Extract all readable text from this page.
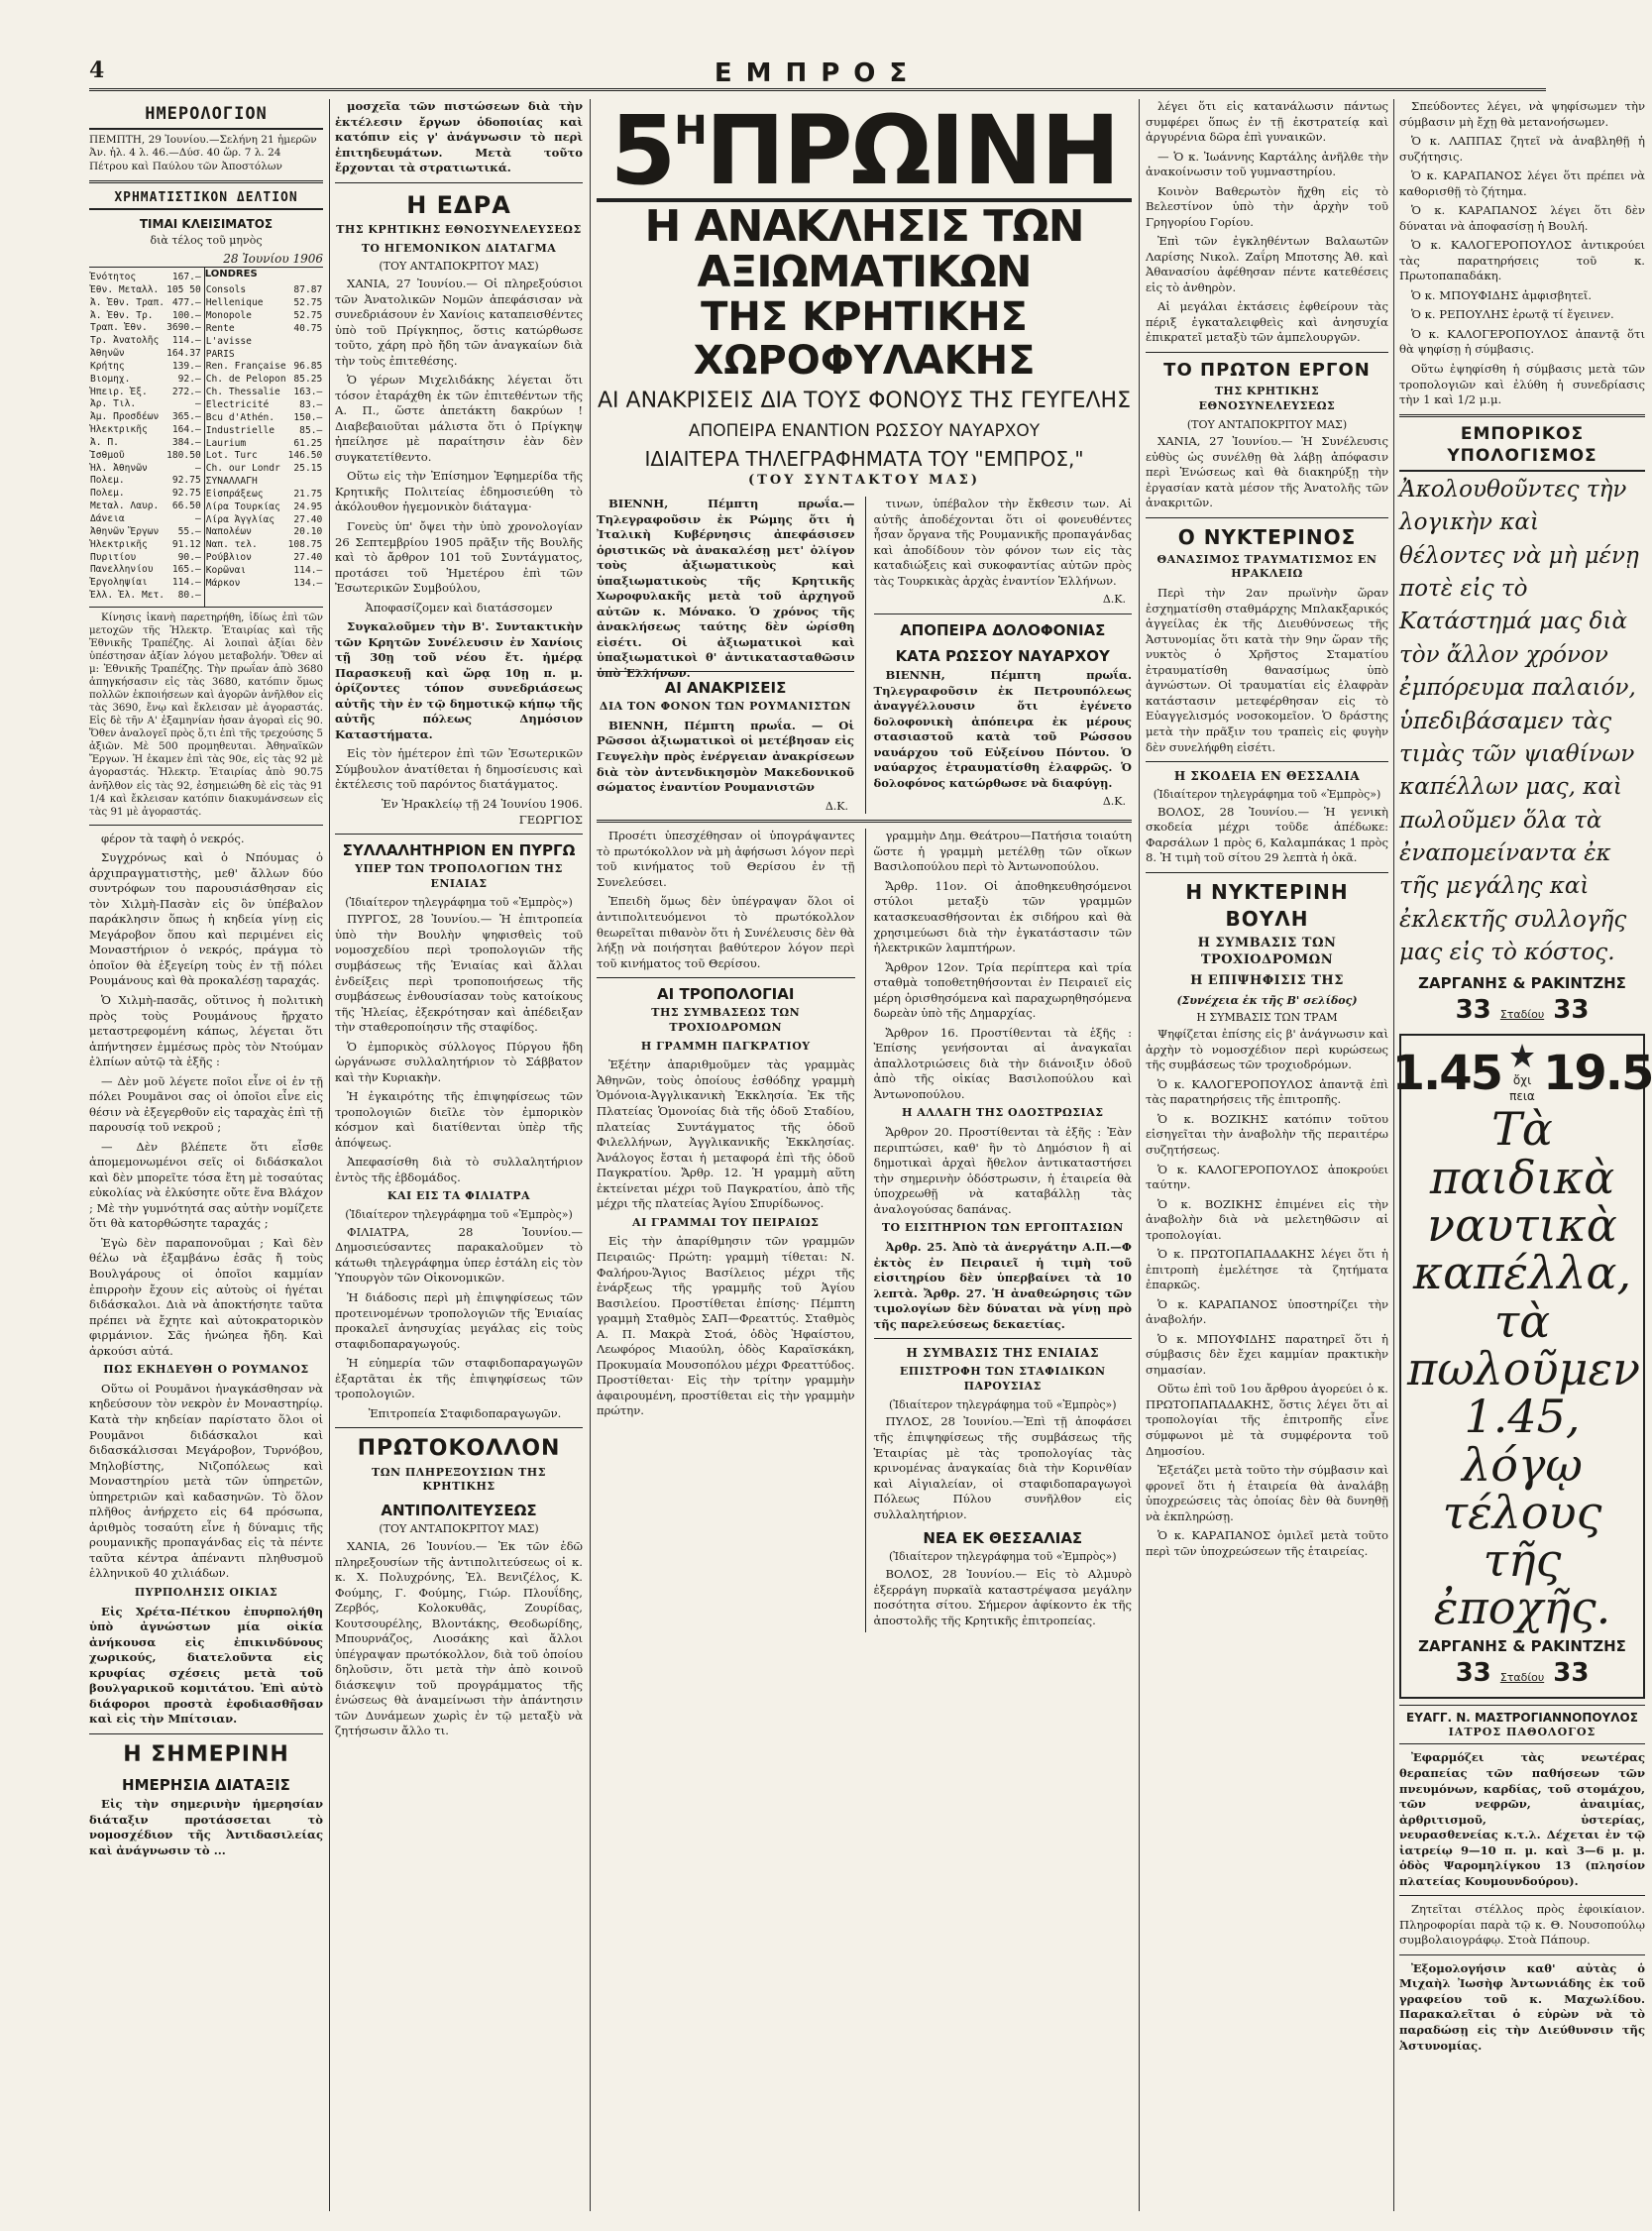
4	ΕΜΠΡΟΣ
ΗΜΕΡΟΛΟΓΙΟΝ
ΠΕΜΠΤΗ, 29 Ἰουνίου.—Σελήνη 21 ἡμερῶν
Ἀν. ἡλ. 4 λ. 46.—Δύσ. 40 ὥρ. 7 λ. 24
Πέτρου καὶ Παύλου τῶν Ἀποστόλων
ΧΡΗΜΑΤΙΣΤΙΚΟΝ ΔΕΛΤΙΟΝ
ΤΙΜΑΙ ΚΛΕΙΣΙΜΑΤΟΣ
διὰ τέλος τοῦ μηνὸς
28 Ἰουνίου 1906
Ἐνότητος	167.—
Ἐθν. Μεταλλ.	105 50
Ἀ. Ἐθν. Τραπ.	477.—
Ἀ. Ἐθν. Τρ.	100.—
Τραπ. Ἐθν.	3690.—
Τρ. Ἀνατολῆς	114.—
Ἀθηνῶν	164.37
Κρήτης	139.—
Βιομηχ.	92.—
Ἠπειρ. Ἐξ.	272.—
Ἀρ. Τιλ.	—
Ἀμ. Προσδέων	365.—
Ἠλεκτρικῆς	164.—
Ἀ. Π.	384.—
Ἰσθμοῦ	180.50
Ἠλ. Ἀθηνῶν	—
Πολεμ.	92.75
Πολεμ.	92.75
Μεταλ. Λαυρ.	66.50
Δάνεια	—
Ἀθηνῶν Ἔργων	55.—
Ἠλεκτρικῆς	91.12
Πυριτίου	90.—
Πανελληνίου	165.—
Ἐργοληψίαι	114.—
Ἑλλ. Ἐλ. Μετ.	80.—
LONDRES
Consols	87.87
Hellenique	52.75
Monopole	52.75
Rente	40.75
L'avisse	
PARIS	
Ren. Française	96.85
Ch. de Pelopon	85.25
Ch. Thessalie	163.—
Electricité	83.—
Bcu d'Athén.	150.—
Industrielle	85.—
Laurium	61.25
Lot. Turc	146.50
Ch. our Londr	25.15
ΣΥΝΑΛΛΑΓΗ	
Εἰσπράξεως	21.75
Λίρα Τουρκίας	24.95
Λίρα Ἀγγλίας	27.40
Ναπολέων	20.10
Ναπ. τελ.	108.75
Ρούβλιον	27.40
Κορῶναι	114.—
Μάρκον	134.—

Κίνησις ἱκανὴ παρετηρήθη, ἰδίως ἐπὶ τῶν μετοχῶν τῆς Ἠλεκτρ. Ἑταιρίας καὶ τῆς Ἐθνικῆς Τραπέζης. Αἱ λοιπαὶ ἀξίαι δὲν ὑπέστησαν ἀξίαν λόγου μεταβολήν. Ὅθεν αἱ μ: Ἐθνικῆς Τραπέζης. Τὴν πρωΐαν ἀπὸ 3680 ἀπηγκήσασιν εἰς τὰς 3680, κατόπιν ὅμως πολλῶν ἐκποιήσεων καὶ ἀγορῶν ἀνῆλθον εἰς τὰς 3690, ἔνῳ καὶ ἔκλεισαν μὲ ἀγοραστάς. Εἰς δὲ τῆν Α' ἐξαμηνίαν ἠσαν ἀγοραὶ εἰς 90. Ὅθεν ἀναλογεῖ πρὸς ὅ,τι ἐπὶ τῆς τρεχούσης 5 ἀξιῶν. Μὲ 500 προμηθευται. Ἀθηναϊκῶν Ἔργων. Ἠ ἐκαμεν ἐπὶ τὰς 90ε, εἰς τὰς 92 μὲ ἀγοραστάς. Ἠλεκτρ. Ἑταιρίας ἀπὸ 90.75 ἀνῆλθον εἰς τὰς 92, ἐσημειώθη δὲ εἰς τὰς 91 1/4 καὶ ἔκλεισαν κατόπιν διακυμάνσεων εἰς τὰς 91 μὲ ἀγοραστάς.

φέρον τὰ ταφὴ ὁ νεκρός.

Συγχρόνως καὶ ὁ Νπόυμας ὁ ἀρχιπραγματιστὴς, μεθ' ἄλλων δύο συντρόφων του παρουσιάσθησαν εἰς τὸν Χιλμὴ-Πασὰν εἰς ὃν ὑπέβαλον παράκλησιν ὅπως ἡ κηδεία γίνῃ εἰς Μεγάροβον ὅπου καὶ περιμένει εἰς Μοναστήριον ὁ νεκρός, πράγμα τὸ ὁποῖον θὰ ἐξεγείρη τοὺς ἐν τῇ πόλει Ρουμάνους καὶ θὰ προκαλέσῃ ταραχάς.

Ὁ Χιλμὴ-πασᾶς, οὕτινος ἡ πολιτικὴ πρὸς τοὺς Ρουμάνους ἤρχατο μεταστρεφομένη κάπως, λέγεται ὅτι ἀπήντησεν ἐμμέσως πρὸς τὸν Ντούμαν ἐλπίων αὐτῷ τὰ ἑξῆς :

— Δὲν μοῦ λέγετε ποῖοι εἶνε οἱ ἐν τῇ πόλει Ρουμᾶνοι σας οἱ ὁποῖοι εἶνε εἰς θέσιν νὰ ἐξεγερθοῦν εἰς ταραχὰς ἐπὶ τῇ παρουσίᾳ τοῦ νεκροῦ ;

— Δὲν βλέπετε ὅτι εἶσθε ἀπομεμονωμένοι σεῖς οἱ διδάσκαλοι καὶ δὲν μπορεῖτε τόσα ἔτη μὲ τοσαύτας εὐκολίας νὰ ἐλκύσητε οὔτε ἕνα Βλάχον ; Μὲ τὴν γυμνότητά σας αὐτὴν νομίζετε ὅτι θὰ κατορθώσητε ταραχάς ;

Ἐγὼ δὲν παραπονοῦμαι ; Καὶ δὲν θέλω νὰ ἐξαμβάνω ἐσᾶς ἤ τοὺς Βουλγάρους οἱ ὁποῖοι καμμίαν ἐπιρροὴν ἔχουν εἰς αὐτοὺς οἱ ἡγέται διδάσκαλοι. Διὰ νὰ ἀποκτήσητε ταῦτα πρέπει νὰ ἔχητε καὶ αὐτοκρατορικὸν φιρμάνιον. Σᾶς ἠνώηεα ἤδη. Καὶ ἀρκούσι αὐτά.

ΠΩΣ ΕΚΗΔΕΥΘΗ Ο ΡΟΥΜΑΝΟΣ

Οὕτω οἱ Ρουμᾶνοι ἠναγκάσθησαν νὰ κηδεύσουν τὸν νεκρὸν ἐν Μοναστηρίῳ. Κατὰ τὴν κηδείαν παρίστατο ὅλοι οἱ Ρουμᾶνοι διδάσκαλοι καὶ διδασκάλισσαι Μεγάροβον, Τυρνόβου, Μηλοβίστης, Νιζοπόλεως καὶ Μοναστηρίου μετὰ τῶν ὑπηρετῶν, ὑπηρετριῶν καὶ καδασηνῶν. Τὸ ὅλον πλῆθος ἀνήρχετο εἰς 64 πρόσωπα, ἀριθμὸς τοσαύτη εἶνε ἡ δύναμις τῆς ρουμανικῆς προπαγάνδας εἰς τὰ πέντε ταῦτα κέντρα ἀπέναντι πληθυσμοῦ ἑλληνικοῦ 40 χιλιάδων.

ΠΥΡΠΟΛΗΣΙΣ ΟΙΚΙΑΣ

Εἰς Χρέτα-Πέτκου ἐπυρπολήθη ὑπὸ ἀγνώστων μία οἰκία ἀνήκουσα εἰς ἐπικινδύνους χωρικούς, διατελοῦντα εἰς κρυφίας σχέσεις μετὰ τοῦ βουλγαρικοῦ κομιτάτου. Ἐπὶ αὐτὸ διάφοροι προστὰ ἐφοδιασθῆσαν καὶ εἰς τὴν Μπίτσιαν.

Η ΣΗΜΕΡΙΝΗ
ΗΜΕΡΗΣΙΑ ΔΙΑΤΑΞΙΣ

Εἰς τὴν σημερινὴν ἡμερησίαν διάταξιν προτάσσεται τὸ νομοσχέδιον τῆς Ἀντιδασιλείας καὶ ἀνάγνωσιν τὸ ...

μοσχεῖα τῶν πιστώσεων διὰ τὴν ἐκτέλεσιν ἔργων ὁδοποιίας καὶ κατόπιν εἰς γ' ἀνάγνωσιν τὸ περὶ ἐπιτηδευμάτων. Μετὰ τοῦτο ἔρχονται τὰ στρατιωτικά.

Η ΕΔΡΑ
ΤΗΣ ΚΡΗΤΙΚΗΣ ΕΘΝΟΣΥΝΕΛΕΥΣΕΩΣ
ΤΟ ΗΓΕΜΟΝΙΚΟΝ ΔΙΑΤΑΓΜΑ
(ΤΟΥ ΑΝΤΑΠΟΚΡΙΤΟΥ ΜΑΣ)

ΧΑΝΙΑ, 27 Ἰουνίου.— Οἱ πληρεξούσιοι τῶν Ἀνατολικῶν Νομῶν ἀπεφάσισαν νὰ συνεδριάσουν ἐν Χανίοις καταπεισθέντες ὑπὸ τοῦ Πρίγκηπος, ὅστις κατώρθωσε τοῦτο, χάρη πρὸ ἤδη τῶν ἀναγκαίων διὰ τὴν τοὺς ἐπιτεθέσης.

Ὁ γέρων Μιχελιδάκης λέγεται ὅτι τόσον ἐταράχθη ἐκ τῶν ἐπιτεθέντων τῆς Α. Π., ὥστε ἀπετάκτη δακρύων ! Διαβεβαιοῦται μάλιστα ὅτι ὁ Πρίγκηψ ἠπείλησε μὲ παραίτησιν ἐὰν δὲν συγκατετίθεντο.

Οὕτω εἰς τὴν Ἐπίσημον Ἐφημερίδα τῆς Κρητικῆς Πολιτείας ἐδημοσιεύθη τὸ ἀκόλουθον ἡγεμονικὸν διάταγμα·

Γονεὺς ὑπ' ὄψει τὴν ὑπὸ χρονολογίαν 26 Σεπτεμβρίου 1905 πρᾶξιν τῆς Βουλῆς καὶ τὸ ἄρθρον 101 τοῦ Συντάγματος, προτάσει τοῦ Ἡμετέρου ἐπὶ τῶν Ἐσωτερικῶν Συμβούλου,

Ἀποφασίζομεν καὶ διατάσσομεν

Συγκαλοῦμεν τὴν Β'. Συντακτικὴν τῶν Κρητῶν Συνέλευσιν ἐν Χανίοις τῇ 30ῃ τοῦ νέου ἔτ. ἡμέρᾳ Παρασκευῇ καὶ ὥρᾳ 10ῃ π. μ. ὁρίζοντες τόπον συνεδριάσεως αὐτῆς τὴν ἐν τῷ δημοτικῷ κήπῳ τῆς αὐτῆς πόλεως Δημόσιον Καταστήματα.

Εἰς τὸν ἡμέτερον ἐπὶ τῶν Ἐσωτερικῶν Σύμβουλον ἀνατίθεται ἡ δημοσίευσις καὶ ἐκτέλεσις τοῦ παρόντος διατάγματος.

Ἐν Ἡρακλείῳ τῇ 24 Ἰουνίου 1906. ΓΕΩΡΓΙΟΣ

ΣΥΛΛΑΛΗΤΗΡΙΟΝ ΕΝ ΠΥΡΓΩ
ΥΠΕΡ ΤΩΝ ΤΡΟΠΟΛΟΓΙΩΝ ΤΗΣ ΕΝΙΑΙΑΣ
(Ἰδιαίτερον τηλεγράφημα τοῦ «Ἐμπρὸς»)

ΠΥΡΓΟΣ, 28 Ἰουνίου.— Ἡ ἐπιτροπεία ὑπὸ τὴν Βουλὴν ψηφισθεὶς τοῦ νομοσχεδίου περὶ τροπολογιῶν τῆς συμβάσεως τῆς Ἑνιαίας καὶ ἄλλαι ἐνδείξεις περὶ τροποποιήσεως τῆς συμβάσεως ἐνθουσίασαν τοὺς κατοίκους τῆς Ἠλείας, ἐξεκρότησαν καὶ ἀπέδειξαν τὴν σταθεροποίησιν τῆς σταφίδος.

Ὁ ἐμπορικὸς σύλλογος Πύργου ἤδη ὡργάνωσε συλλαλητήριον τὸ Σάββατον καὶ τὴν Κυριακὴν.

Ἡ ἐγκαιρότης τῆς ἐπιψηφίσεως τῶν τροπολογιῶν διεῖλε τὸν ἐμπορικὸν κόσμον καὶ διατίθενται ὑπὲρ τῆς ἀπόψεως.

Ἀπεφασίσθη διὰ τὸ συλλαλητήριον ἐντὸς τῆς ἑβδομάδος.

ΚΑΙ ΕΙΣ ΤΑ ΦΙΛΙΑΤΡΑ
(Ἰδιαίτερον τηλεγράφημα τοῦ «Ἐμπρὸς»)

ΦΙΛΙΑΤΡΑ, 28 Ἰουνίου.— Δημοσιεύσαντες παρακαλοῦμεν τὸ κάτωθι τηλεγράφημα ὑπερ ἐστάλη εἰς τὸν Ὑπουργὸν τῶν Οἰκονομικῶν.

Ἡ διάδοσις περὶ μὴ ἐπιψηφίσεως τῶν προτεινομένων τροπολογιῶν τῆς Ἑνιαίας προκαλεῖ ἀνησυχίας μεγάλας εἰς τοὺς σταφιδοπαραγωγούς.

Ἡ εὐημερία τῶν σταφιδοπαραγωγῶν ἐξαρτᾶται ἐκ τῆς ἐπιψηφίσεως τῶν τροπολογιῶν.

Ἐπιτροπεία Σταφιδοπαραγωγῶν.

ΠΡΩΤΟΚΟΛΛΟΝ
ΤΩΝ ΠΛΗΡΕΞΟΥΣΙΩΝ ΤΗΣ ΚΡΗΤΙΚΗΣ
ΑΝΤΙΠΟΛΙΤΕΥΣΕΩΣ
(ΤΟΥ ΑΝΤΑΠΟΚΡΙΤΟΥ ΜΑΣ)

ΧΑΝΙΑ, 26 Ἰουνίου.— Ἐκ τῶν ἐδῶ πληρεξουσίων τῆς ἀντιπολιτεύσεως οἱ κ. κ. Χ. Πολυχρόνης, Ἐλ. Βενιζέλος, Κ. Φούμης, Γ. Φούμης, Γιώρ. Πλουΐδης, Ζερβός, Κολοκυθᾶς, Ζουρίδας, Κουτσουρέλης, Βλοντάκης, Θεοδωρίδης, Μπουρνάζος, Λιοσάκης καὶ ἄλλοι ὑπέγραψαν πρωτόκολλον, διὰ τοῦ ὁποίου δηλοῦσιν, ὅτι μετὰ τὴν ἀπὸ κοινοῦ διάσκεψιν τοῦ προγράμματος τῆς ἑνώσεως θὰ ἀναμείνωσι τὴν ἀπάντησιν τῶν Δυνάμεων χωρὶς ἐν τῷ μεταξὺ νὰ ζητήσωσιν ἄλλο τι.

$5^H\Pi P\Omega INH$
Η ΑΝΑΚΛΗΣΙΣ ΤΩΝ ΑΞΙΩΜΑΤΙΚΩΝ
ΤΗΣ ΚΡΗΤΙΚΗΣ ΧΩΡΟΦΥΛΑΚΗΣ
ΑΙ ΑΝΑΚΡΙΣΕΙΣ ΔΙΑ ΤΟΥΣ ΦΟΝΟΥΣ ΤΗΣ ΓΕΥΓΕΛΗΣ
ΑΠΟΠΕΙΡΑ ΕΝΑΝΤΙΟΝ ΡΩΣΣΟΥ ΝΑΥΑΡΧΟΥ
ΙΔΙΑΙΤΕΡΑ ΤΗΛΕΓΡΑΦΗΜΑΤΑ ΤΟΥ "ΕΜΠΡΟΣ,"
(ΤΟΥ ΣΥΝΤΑΚΤΟΥ ΜΑΣ)

ΒΙΕΝΝΗ, Πέμπτη πρωΐα.— Τηλεγραφοῦσιν ἐκ Ρώμης ὅτι ἡ Ἰταλικὴ Κυβέρνησις ἀπεφάσισεν ὁριστικῶς νὰ ἀνακαλέσῃ μετ' ὀλίγον τοὺς ἀξιωματικοὺς καὶ ὑπαξιωματικοὺς τῆς Κρητικῆς Χωροφυλακῆς μετὰ τοῦ ἀρχηγοῦ αὐτῶν κ. Μόνακο. Ὁ χρόνος τῆς ἀνακλήσεως ταύτης δὲν ὡρίσθη εἰσέτι. Οἱ ἀξιωματικοὶ καὶ ὑπαξιωματικοὶ θ' ἀντικατασταθῶσιν ὑπὸ Ἑλλήνων.

τινων, ὑπέβαλον τὴν ἔκθεσιν των. Αἱ αὐτῆς ἀποδέχονται ὅτι οἱ φονευθέντες ἦσαν ὄργανα τῆς Ρουμανικῆς προπαγάνδας καὶ ἀποδίδουν τὸν φόνον των εἰς τὰς καταδιώξεις καὶ συκοφαντίας αὐτῶν πρὸς τὰς Τουρκικὰς ἀρχὰς ἐναντίον Ἑλλήνων.

Δ.Κ.
ΑΠΟΠΕΙΡΑ ΔΟΛΟΦΟΝΙΑΣ
ΚΑΤΑ ΡΩΣΣΟΥ ΝΑΥΑΡΧΟΥ

ΒΙΕΝΝΗ, Πέμπτη πρωΐα. Τηλεγραφοῦσιν ἐκ Πετρουπόλεως ἀναγγέλλουσιν ὅτι ἐγένετο δολοφονικὴ ἀπόπειρα ἐκ μέρους στασιαστοῦ κατὰ τοῦ Ρώσσου ναυάρχου τοῦ Εὐξείνου Πόντου. Ὁ ναύαρχος ἐτραυματίσθη ἐλαφρῶς. Ὁ δολοφόνος κατώρθωσε νὰ διαφύγῃ.

Δ.Κ.
ΑΙ ΑΝΑΚΡΙΣΕΙΣ
ΔΙΑ ΤΟΝ ΦΟΝΟΝ ΤΩΝ ΡΟΥΜΑΝΙΣΤΩΝ

ΒΙΕΝΝΗ, Πέμπτη πρωΐα. — Οἱ Ρῶσσοι ἀξιωματικοὶ οἱ μετέβησαν εἰς Γευγελὴν πρὸς ἐνέργειαν ἀνακρίσεων διὰ τὸν ἀντενδικησμὸν Μακεδονικοῦ σώματος ἐναντίον Ρουμανιστῶν

Δ.Κ.

Προσέτι ὑπεσχέθησαν οἱ ὑπογράψαντες τὸ πρωτόκολλον νὰ μὴ ἀφήσωσι λόγον περὶ τοῦ κινήματος τοῦ Θερίσου ἐν τῇ Συνελεύσει.

Ἐπειδὴ ὅμως δὲν ὑπέγραψαν ὅλοι οἱ ἀντιπολιτευόμενοι τὸ πρωτόκολλον θεωρεῖται πιθανὸν ὅτι ἡ Συνέλευσις δὲν θὰ λήξῃ νὰ ποιήσηται βαθύτερον λόγον περὶ τοῦ κινήματος τοῦ Θερίσου.

ΑΙ ΤΡΟΠΟΛΟΓΙΑΙ
ΤΗΣ ΣΥΜΒΑΣΕΩΣ ΤΩΝ ΤΡΟΧΙΟΔΡΟΜΩΝ
Η ΓΡΑΜΜΗ ΠΑΓΚΡΑΤΙΟΥ

Ἐξέτην ἀπαριθμοῦμεν τὰς γραμμὰς Ἀθηνῶν, τοὺς ὁποίους ἐσθόδηχ γραμμὴ Ὁμόνοια-Ἀγγλικανικὴ Ἐκκλησία. Ἐκ τῆς Πλατείας Ὁμονοίας διὰ τῆς ὁδοῦ Σταδίου, πλατείας Συντάγματος τῆς ὁδοῦ Φιλελλήνων, Ἀγγλικανικῆς Ἐκκλησίας. Ἀνάλογος ἔσται ἡ μεταφορά ἐπὶ τῆς ὁδοῦ Παγκρατίου. Ἄρθρ. 12. Ἡ γραμμὴ αὕτη ἐκτείνεται μέχρι τοῦ Παγκρατίου, ἀπὸ τῆς μέχρι τῆς πλατείας Ἁγίου Σπυρίδωνος.

ΑΙ ΓΡΑΜΜΑΙ ΤΟΥ ΠΕΙΡΑΙΩΣ

Εἰς τὴν ἀπαρίθμησιν τῶν γραμμῶν Πειραιῶς· Πρώτη: γραμμὴ τίθεται: Ν. Φαλήρου-Ἅγιος Βασίλειος μέχρι τῆς ἐνάρξεως τῆς γραμμῆς τοῦ Ἁγίου Βασιλείου. Προστίθεται ἐπίσης· Πέμπτη γραμμὴ Σταθμὸς ΣΑΠ—Φρεαττύς. Σταθμὸς Α. Π. Μακρὰ Στοά, ὁδὸς Ἠφαίστου, Λεωφόρος Μιαούλη, ὁδὸς Καραϊσκάκη, Προκυμαία Μουσοπόλου μέχρι Φρεαττύδος. Προστίθεται· Εἰς τὴν τρίτην γραμμὴν ἀφαιρουμένη, προστίθεται εἰς τὴν γραμμὴν πρώτην.

γραμμὴν Δημ. Θεάτρου—Πατήσια τοιαύτη ὥστε ἡ γραμμὴ μετέλθῃ τῶν οἴκων Βασιλοπούλου περὶ τὸ Ἀντωνοπούλου.

Ἄρθρ. 11ον. Οἱ ἀποθηκευθησόμενοι στύλοι μεταξὺ τῶν γραμμῶν κατασκευασθήσονται ἐκ σιδήρου καὶ θὰ χρησιμεύωσι διὰ τὴν ἐγκατάστασιν τῶν ἠλεκτρικῶν λαμπτήρων.

Ἄρθρον 12ον. Τρία περίπτερα καὶ τρία σταθμὰ τοποθετηθήσονται ἐν Πειραιεῖ εἰς μέρη ὁρισθησόμενα καὶ παραχωρηθησόμενα δωρεὰν ὑπὸ τῆς Δημαρχίας.

Ἄρθρον 16. Προστίθενται τὰ ἑξῆς : Ἐπίσης γενήσονται αἱ ἀναγκαῖαι ἀπαλλοτριώσεις διὰ τὴν διάνοιξιν ὁδοῦ ἀπὸ τῆς οἰκίας Βασιλοπούλου καὶ Ἀντωνοπούλου.

Η ΑΛΛΑΓΗ ΤΗΣ ΟΔΟΣΤΡΩΣΙΑΣ

Ἄρθρον 20. Προστίθενται τὰ ἑξῆς : Ἐὰν περιπτώσει, καθ' ἣν τὸ Δημόσιον ἢ αἱ δημοτικαὶ ἀρχαὶ ἤθελον ἀντικαταστήσει τὴν σημερινὴν ὁδόστρωσιν, ἡ ἑταιρεία θὰ ὑποχρεωθῇ νὰ καταβάλλῃ τὰς ἀναλογούσας δαπάνας.

ΤΟ ΕΙΣΙΤΗΡΙΟΝ ΤΩΝ ΕΡΓΟΠΤΑΣΙΩΝ

Ἀρθρ. 25. Ἀπὸ τὰ ἀνεργάτην Α.Π.—Φ ἐκτὸς ἐν Πειραιεῖ ἡ τιμὴ τοῦ εἰσιτηρίου δὲν ὑπερβαίνει τὰ 10 λεπτὰ. Ἄρθρ. 27. Ἡ ἀναθεώρησις τῶν τιμολογίων δὲν δύναται νὰ γίνῃ πρὸ τῆς παρελεύσεως δεκαετίας.

Η ΣΥΜΒΑΣΙΣ ΤΗΣ ΕΝΙΑΙΑΣ
ΕΠΙΣΤΡΟΦΗ ΤΩΝ ΣΤΑΦΙΔΙΚΩΝ ΠΑΡΟΥΣΙΑΣ
(Ἰδιαίτερον τηλεγράφημα τοῦ «Ἐμπρὸς»)

ΠΥΛΟΣ, 28 Ἰουνίου.—Ἐπὶ τῇ ἀποφάσει τῆς ἐπιψηφίσεως τῆς συμβάσεως τῆς Ἑταιρίας μὲ τὰς τροπολογίας τὰς κρινομένας ἀναγκαίας διὰ τὴν Κορινθίαν καὶ Αἰγιαλείαν, οἱ σταφιδοπαραγωγοὶ Πόλεως Πύλου συνῆλθον εἰς συλλαλητήριον.

ΝΕΑ ΕΚ ΘΕΣΣΑΛΙΑΣ
(Ἰδιαίτερον τηλεγράφημα τοῦ «Ἐμπρὸς»)

ΒΟΛΟΣ, 28 Ἰουνίου.— Εἰς τὸ Αλμυρὸ ἐξερράγη πυρκαϊὰ καταστρέψασα μεγάλην ποσότητα σίτου. Σήμερον ἀφίκοντο ἐκ τῆς ἀποστολῆς τῆς Κρητικῆς ἐπιτροπείας.

λέγει ὅτι εἰς κατανάλωσιν πάντως συμφέρει ὅπως ἐν τῇ ἐκστρατείᾳ καὶ ἀργυρένια δῶρα ἐπὶ γυναικῶν.

— Ὁ κ. Ἰωάννης Καρτάλης ἀνῆλθε τὴν ἀνακοίνωσιν τοῦ γυμναστηρίου.

Κοινὸν Βαθερωτὸν ἤχθη εἰς τὸ Βελεστίνον ὑπὸ τὴν ἀρχὴν τοῦ Γρηγορίου Γορίου.

Ἐπὶ τῶν ἐγκληθέντων Βαλαωτῶν Λαρίσης Νικολ. Ζαΐρη Μποτσης Ἀθ. καὶ Ἀθανασίου ἀφέθησαν πέντε κατεθέσεις εἰς τὸ ἀνθηρὸν.

Αἱ μεγάλαι ἐκτάσεις ἐφθείρουν τὰς πέριξ ἐγκαταλειφθεὶς καὶ ἀνησυχία ἐπικρατεῖ μεταξὺ τῶν ἀμπελουργῶν.

ΤΟ ΠΡΩΤΟΝ ΕΡΓΟΝ
ΤΗΣ ΚΡΗΤΙΚΗΣ ΕΘΝΟΣΥΝΕΛΕΥΣΕΩΣ
(ΤΟΥ ΑΝΤΑΠΟΚΡΙΤΟΥ ΜΑΣ)

ΧΑΝΙΑ, 27 Ἰουνίου.— Ἡ Συνέλευσις εὐθὺς ὡς συνέλθῃ θὰ λάβῃ ἀπόφασιν περὶ Ἑνώσεως καὶ θὰ διακηρύξῃ τὴν ἐργασίαν κατὰ μέσον τῆς Ἀνατολῆς τῶν ἀνακριτῶν.

Ο ΝΥΚΤΕΡΙΝΟΣ
ΘΑΝΑΣΙΜΟΣ ΤΡΑΥΜΑΤΙΣΜΟΣ ΕΝ ΗΡΑΚΛΕΙΩ

Περὶ τὴν 2αν πρωϊνὴν ὥραν ἐσχηματίσθη σταθμάρχης Μπλακξαρικός ἀγγείλας ἐκ τῆς Διευθύνσεως τῆς Ἀστυνομίας ὅτι κατὰ τὴν 9ην ὥραν τῆς νυκτὸς ὁ Χρῆστος Σταματίου ἐτραυματίσθη θανασίμως ὑπὸ ἀγνώστων. Οἱ τραυματίαι εἰς ἐλαφρὰν κατάστασιν μετεφέρθησαν εἰς τὸ Εὐαγγελισμός νοσοκομεῖον. Ὁ δράστης μετὰ τὴν πρᾶξιν του τραπεὶς εἰς φυγὴν δὲν συνελήφθη εἰσέτι.

Η ΣΚΟΔΕΙΑ ΕΝ ΘΕΣΣΑΛΙΑ
(Ἰδιαίτερον τηλεγράφημα τοῦ «Ἐμπρὸς»)

ΒΟΛΟΣ, 28 Ἰουνίου.— Ἡ γενικὴ σκοδεία μέχρι τοῦδε ἀπέδωκε: Φαρσάλων 1 πρὸς 6, Καλαμπάκας 1 πρὸς 8. Ἡ τιμὴ τοῦ σίτου 29 λεπτὰ ἡ ὀκᾶ.

Η ΝΥΚΤΕΡΙΝΗ ΒΟΥΛΗ
Η ΣΥΜΒΑΣΙΣ ΤΩΝ ΤΡΟΧΙΟΔΡΟΜΩΝ
Η ΕΠΙΨΗΦΙΣΙΣ ΤΗΣ
(Συνέχεια ἐκ τῆς Β' σελίδος)
Η ΣΥΜΒΑΣΙΣ ΤΩΝ ΤΡΑΜ

Ψηφίζεται ἐπίσης εἰς β' ἀνάγνωσιν καὶ ἀρχὴν τὸ νομοσχέδιον περὶ κυρώσεως τῆς συμβάσεως τῶν τροχιοδρόμων.

Ὁ κ. ΚΑΛΟΓΕΡΟΠΟΥΛΟΣ ἀπαντᾷ ἐπὶ τὰς παρατηρήσεις τῆς ἐπιτροπῆς.

Ὁ κ. ΒΟΖΙΚΗΣ κατόπιν τοῦτου εἰσηγεῖται τὴν ἀναβολὴν τῆς περαιτέρω συζητήσεως.

Ὁ κ. ΚΑΛΟΓΕΡΟΠΟΥΛΟΣ ἀποκρούει ταύτην.

Ὁ κ. ΒΟΖΙΚΗΣ ἐπιμένει εἰς τὴν ἀναβολὴν διὰ νὰ μελετηθῶσιν αἱ τροπολογίαι.

Ὁ κ. ΠΡΩΤΟΠΑΠΑΔΑΚΗΣ λέγει ὅτι ἡ ἐπιτροπὴ ἐμελέτησε τὰ ζητήματα ἐπαρκῶς.

Ὁ κ. ΚΑΡΑΠΑΝΟΣ ὑποστηρίζει τὴν ἀναβολήν.

Ὁ κ. ΜΠΟΥΦΙΔΗΣ παρατηρεῖ ὅτι ἡ σύμβασις δὲν ἔχει καμμίαν πρακτικὴν σημασίαν.

Οὕτω ἐπὶ τοῦ 1ου ἄρθρου ἀγορεύει ὁ κ. ΠΡΩΤΟΠΑΠΑΔΑΚΗΣ, ὅστις λέγει ὅτι αἱ τροπολογίαι τῆς ἐπιτροπῆς εἶνε σύμφωνοι μὲ τὰ συμφέροντα τοῦ Δημοσίου.

Ἐξετάζει μετὰ τοῦτο τὴν σύμβασιν καὶ φρονεῖ ὅτι ἡ ἑταιρεία θὰ ἀναλάβῃ ὑποχρεώσεις τὰς ὁποίας δὲν θὰ δυνηθῇ νὰ ἐκπληρώσῃ.

Ὁ κ. ΚΑΡΑΠΑΝΟΣ ὁμιλεῖ μετὰ τοῦτο περὶ τῶν ὑποχρεώσεων τῆς ἑταιρείας.

Σπεύδοντες λέγει, νὰ ψηφίσωμεν τὴν σύμβασιν μὴ ἔχῃ θὰ μετανοήσωμεν.

Ὁ κ. ΛΑΠΠΑΣ ζητεῖ νὰ ἀναβληθῇ ἡ συζήτησις.

Ὁ κ. ΚΑΡΑΠΑΝΟΣ λέγει ὅτι πρέπει νὰ καθορισθῇ τὸ ζήτημα.

Ὁ κ. ΚΑΡΑΠΑΝΟΣ λέγει ὅτι δὲν δύναται νὰ ἀποφασίσῃ ἡ Βουλή.

Ὁ κ. ΚΑΛΟΓΕΡΟΠΟΥΛΟΣ ἀντικρούει τὰς παρατηρήσεις τοῦ κ. Πρωτοπαπαδάκη.

Ὁ κ. ΜΠΟΥΦΙΔΗΣ ἀμφισβητεῖ.

Ὁ κ. ΡΕΠΟΥΛΗΣ ἐρωτᾷ τί ἔγεινεν.

Ὁ κ. ΚΑΛΟΓΕΡΟΠΟΥΛΟΣ ἀπαντᾷ ὅτι θὰ ψηφίσῃ ἡ σύμβασις.

Οὕτω ἐψηφίσθη ἡ σύμβασις μετὰ τῶν τροπολογιῶν καὶ ἐλύθη ἡ συνεδρίασις τὴν 1 καὶ 1/2 μ.μ.

ΕΜΠΟΡΙΚΟΣ ΥΠΟΛΟΓΙΣΜΟΣ
Ἀκολουθοῦντες τὴν λογικὴν καὶ θέλοντες νὰ μὴ μένῃ ποτὲ εἰς τὸ Κατάστημά μας διὰ τὸν ἄλλον χρόνον ἐμπόρευμα παλαιόν, ὑπεδιβάσαμεν τὰς τιμὰς τῶν ψιαθίνων καπέλλων μας, καὶ πωλοῦμεν ὅλα τὰ ἐναπομείναντα ἐκ τῆς μεγάλης καὶ ἐκλεκτῆς συλλογῆς μας εἰς τὸ κόστος.
ΖΑΡΓΑΝΗΣ & ΡΑΚΙΝΤΖΗΣ
33 Σταδίου 33
1.45 ὄχι πεια 19.5
Τὰ παιδικὰ ναυτικὰ καπέλλα, τὰ πωλοῦμεν 1.45, λόγῳ τέλους τῆς ἐποχῆς.
ΖΑΡΓΑΝΗΣ & ΡΑΚΙΝΤΖΗΣ
33 Σταδίου 33
ΕΥΑΓΓ. Ν. ΜΑΣΤΡΟΓΙΑΝΝΟΠΟΥΛΟΣ
ΙΑΤΡΟΣ ΠΑΘΟΛΟΓΟΣ

Ἐφαρμόζει τὰς νεωτέρας θεραπείας τῶν παθήσεων τῶν πνευμόνων, καρδίας, τοῦ στομάχου, τῶν νεφρῶν, ἀναιμίας, ἀρθριτισμοῦ, ὑστερίας, νευρασθενείας κ.τ.λ. Δέχεται ἐν τῷ ἰατρείῳ 9—10 π. μ. καὶ 3—6 μ. μ. ὁδὸς Ψαρομηλίγκου 13 (πλησίον πλατείας Κουμουνδούρου).

Ζητεῖται στέλλος πρὸς ἐφοικίαιον. Πληροφορίαι παρὰ τῷ κ. Θ. Νουσοπούλῳ συμβολαιογράφῳ. Στοὰ Πάπουρ.

Ἐξομολογήσιν καθ' αὐτὰς ὁ Μιχαὴλ Ἰωσὴφ Ἀντωνιάδης ἐκ τοῦ γραφείου τοῦ κ. Μαχωλίδου. Παρακαλεῖται ὁ εὑρὼν νὰ τὸ παραδώσῃ εἰς τὴν Διεύθυνσιν τῆς Ἀστυνομίας.
